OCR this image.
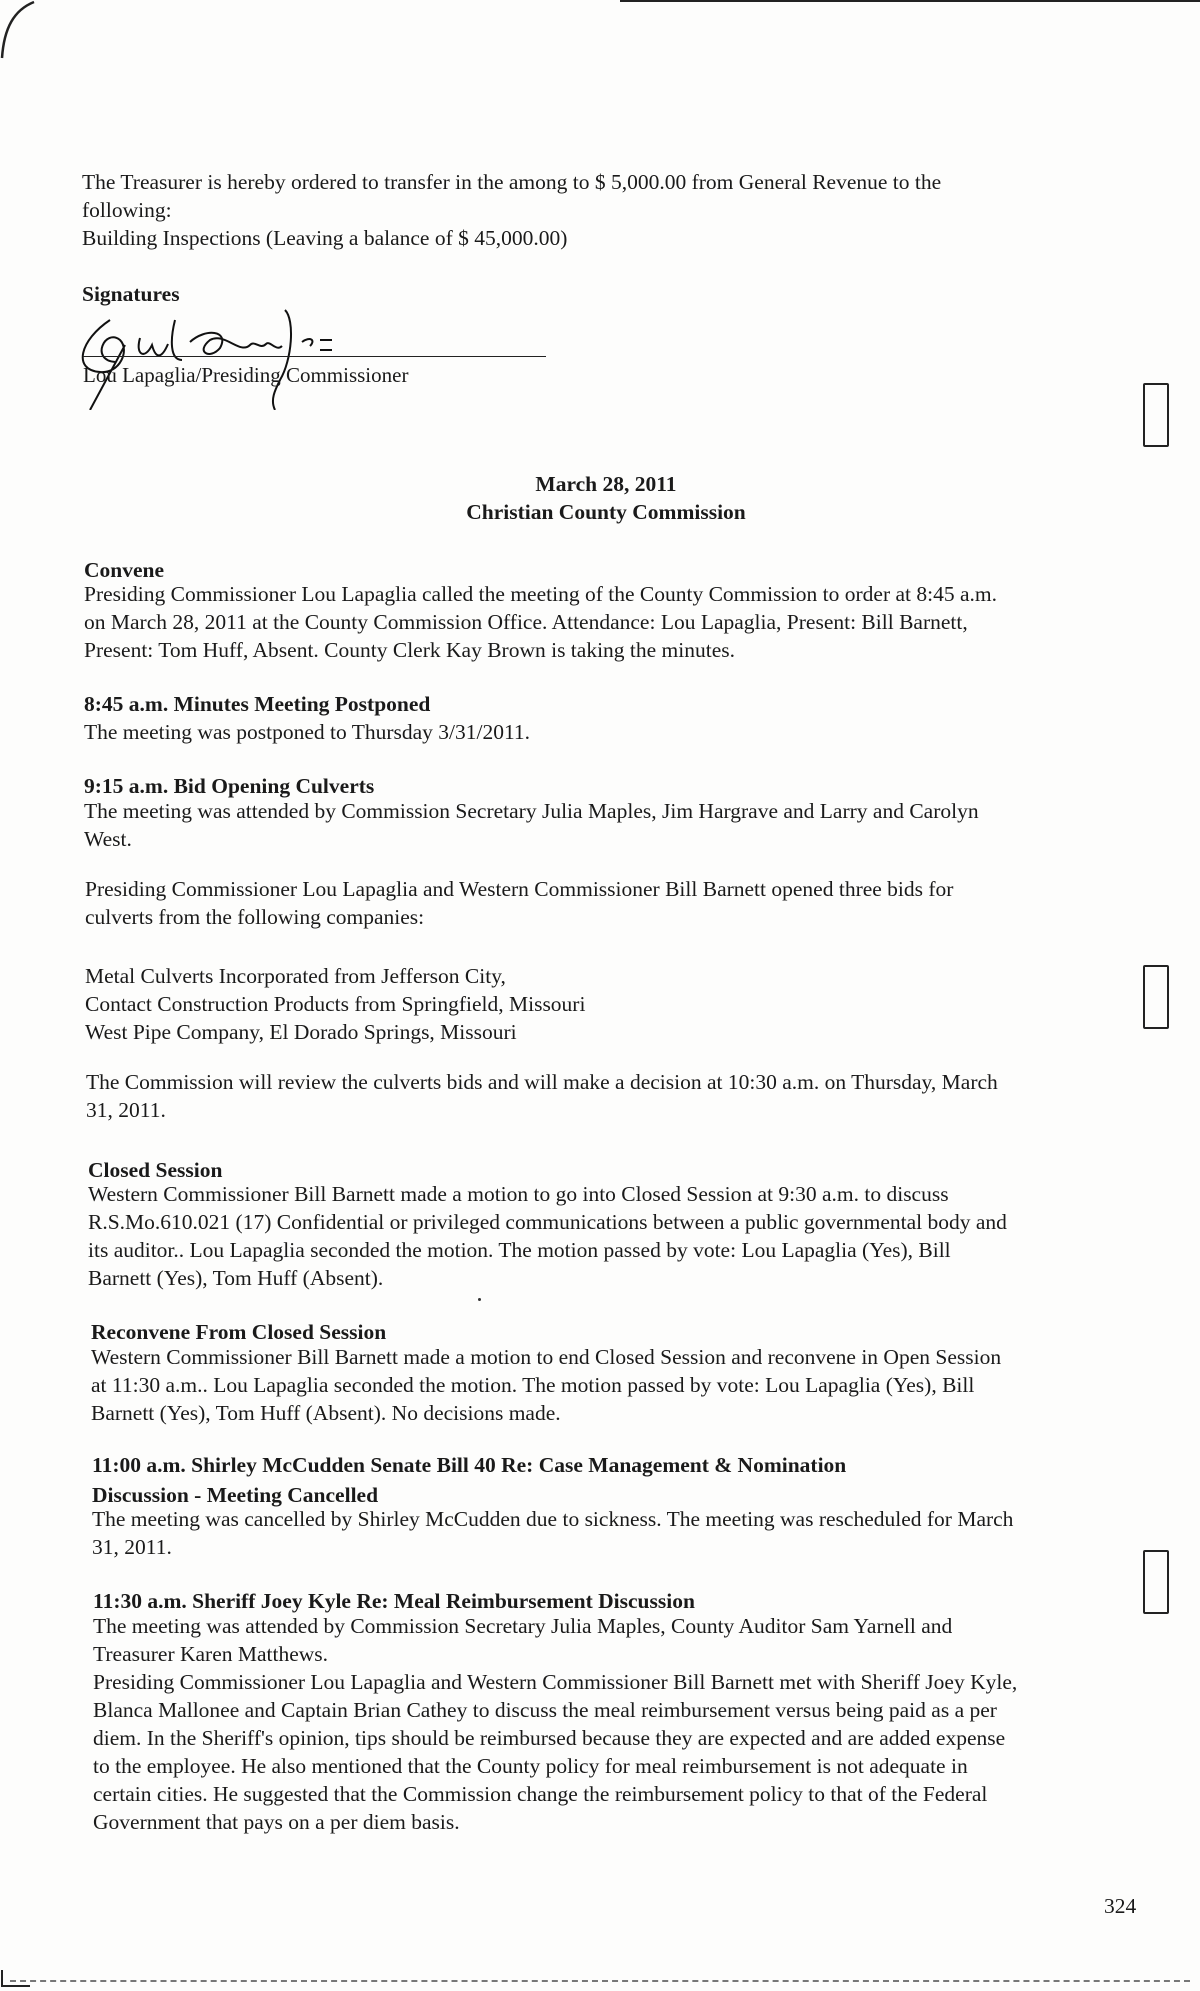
The Treasurer is hereby ordered to transfer in the among to $ 5,000.00 from General Revenue to the

following:

Building Inspections (Leaving a balance of $ 45,000.00)

Signatures

Lou Lapaglia/Presiding Commissioner

March 28, 2011

Christian County Commission

Convene

Presiding Commissioner Lou Lapaglia called the meeting of the County Commission to order at 8:45 a.m.

on March 28, 2011 at the County Commission Office. Attendance: Lou Lapaglia, Present: Bill Barnett,

Present: Tom Huff, Absent. County Clerk Kay Brown is taking the minutes.

8:45 a.m. Minutes Meeting Postponed

The meeting was postponed to Thursday 3/31/2011.

9:15 a.m. Bid Opening Culverts

The meeting was attended by Commission Secretary Julia Maples, Jim Hargrave and Larry and Carolyn

West.

Presiding Commissioner Lou Lapaglia and Western Commissioner Bill Barnett opened three bids for

culverts from the following companies:

Metal Culverts Incorporated from Jefferson City,

Contact Construction Products from Springfield, Missouri

West Pipe Company, El Dorado Springs, Missouri

The Commission will review the culverts bids and will make a decision at 10:30 a.m. on Thursday, March

31, 2011.

Closed Session

Western Commissioner Bill Barnett made a motion to go into Closed Session at 9:30 a.m. to discuss

R.S.Mo.610.021 (17) Confidential or privileged communications between a public governmental body and

its auditor.. Lou Lapaglia seconded the motion. The motion passed by vote: Lou Lapaglia (Yes), Bill

Barnett (Yes), Tom Huff (Absent).

Reconvene From Closed Session

Western Commissioner Bill Barnett made a motion to end Closed Session and reconvene in Open Session

at 11:30 a.m.. Lou Lapaglia seconded the motion. The motion passed by vote: Lou Lapaglia (Yes), Bill

Barnett (Yes), Tom Huff (Absent). No decisions made.

11:00 a.m. Shirley McCudden Senate Bill 40 Re: Case Management & Nomination

Discussion - Meeting Cancelled

The meeting was cancelled by Shirley McCudden due to sickness. The meeting was rescheduled for March

31, 2011.

11:30 a.m. Sheriff Joey Kyle Re: Meal Reimbursement Discussion

The meeting was attended by Commission Secretary Julia Maples, County Auditor Sam Yarnell and

Treasurer Karen Matthews.

Presiding Commissioner Lou Lapaglia and Western Commissioner Bill Barnett met with Sheriff Joey Kyle,

Blanca Mallonee and Captain Brian Cathey to discuss the meal reimbursement versus being paid as a per

diem. In the Sheriff's opinion, tips should be reimbursed because they are expected and are added expense

to the employee. He also mentioned that the County policy for meal reimbursement is not adequate in

certain cities. He suggested that the Commission change the reimbursement policy to that of the Federal

Government that pays on a per diem basis.

324
